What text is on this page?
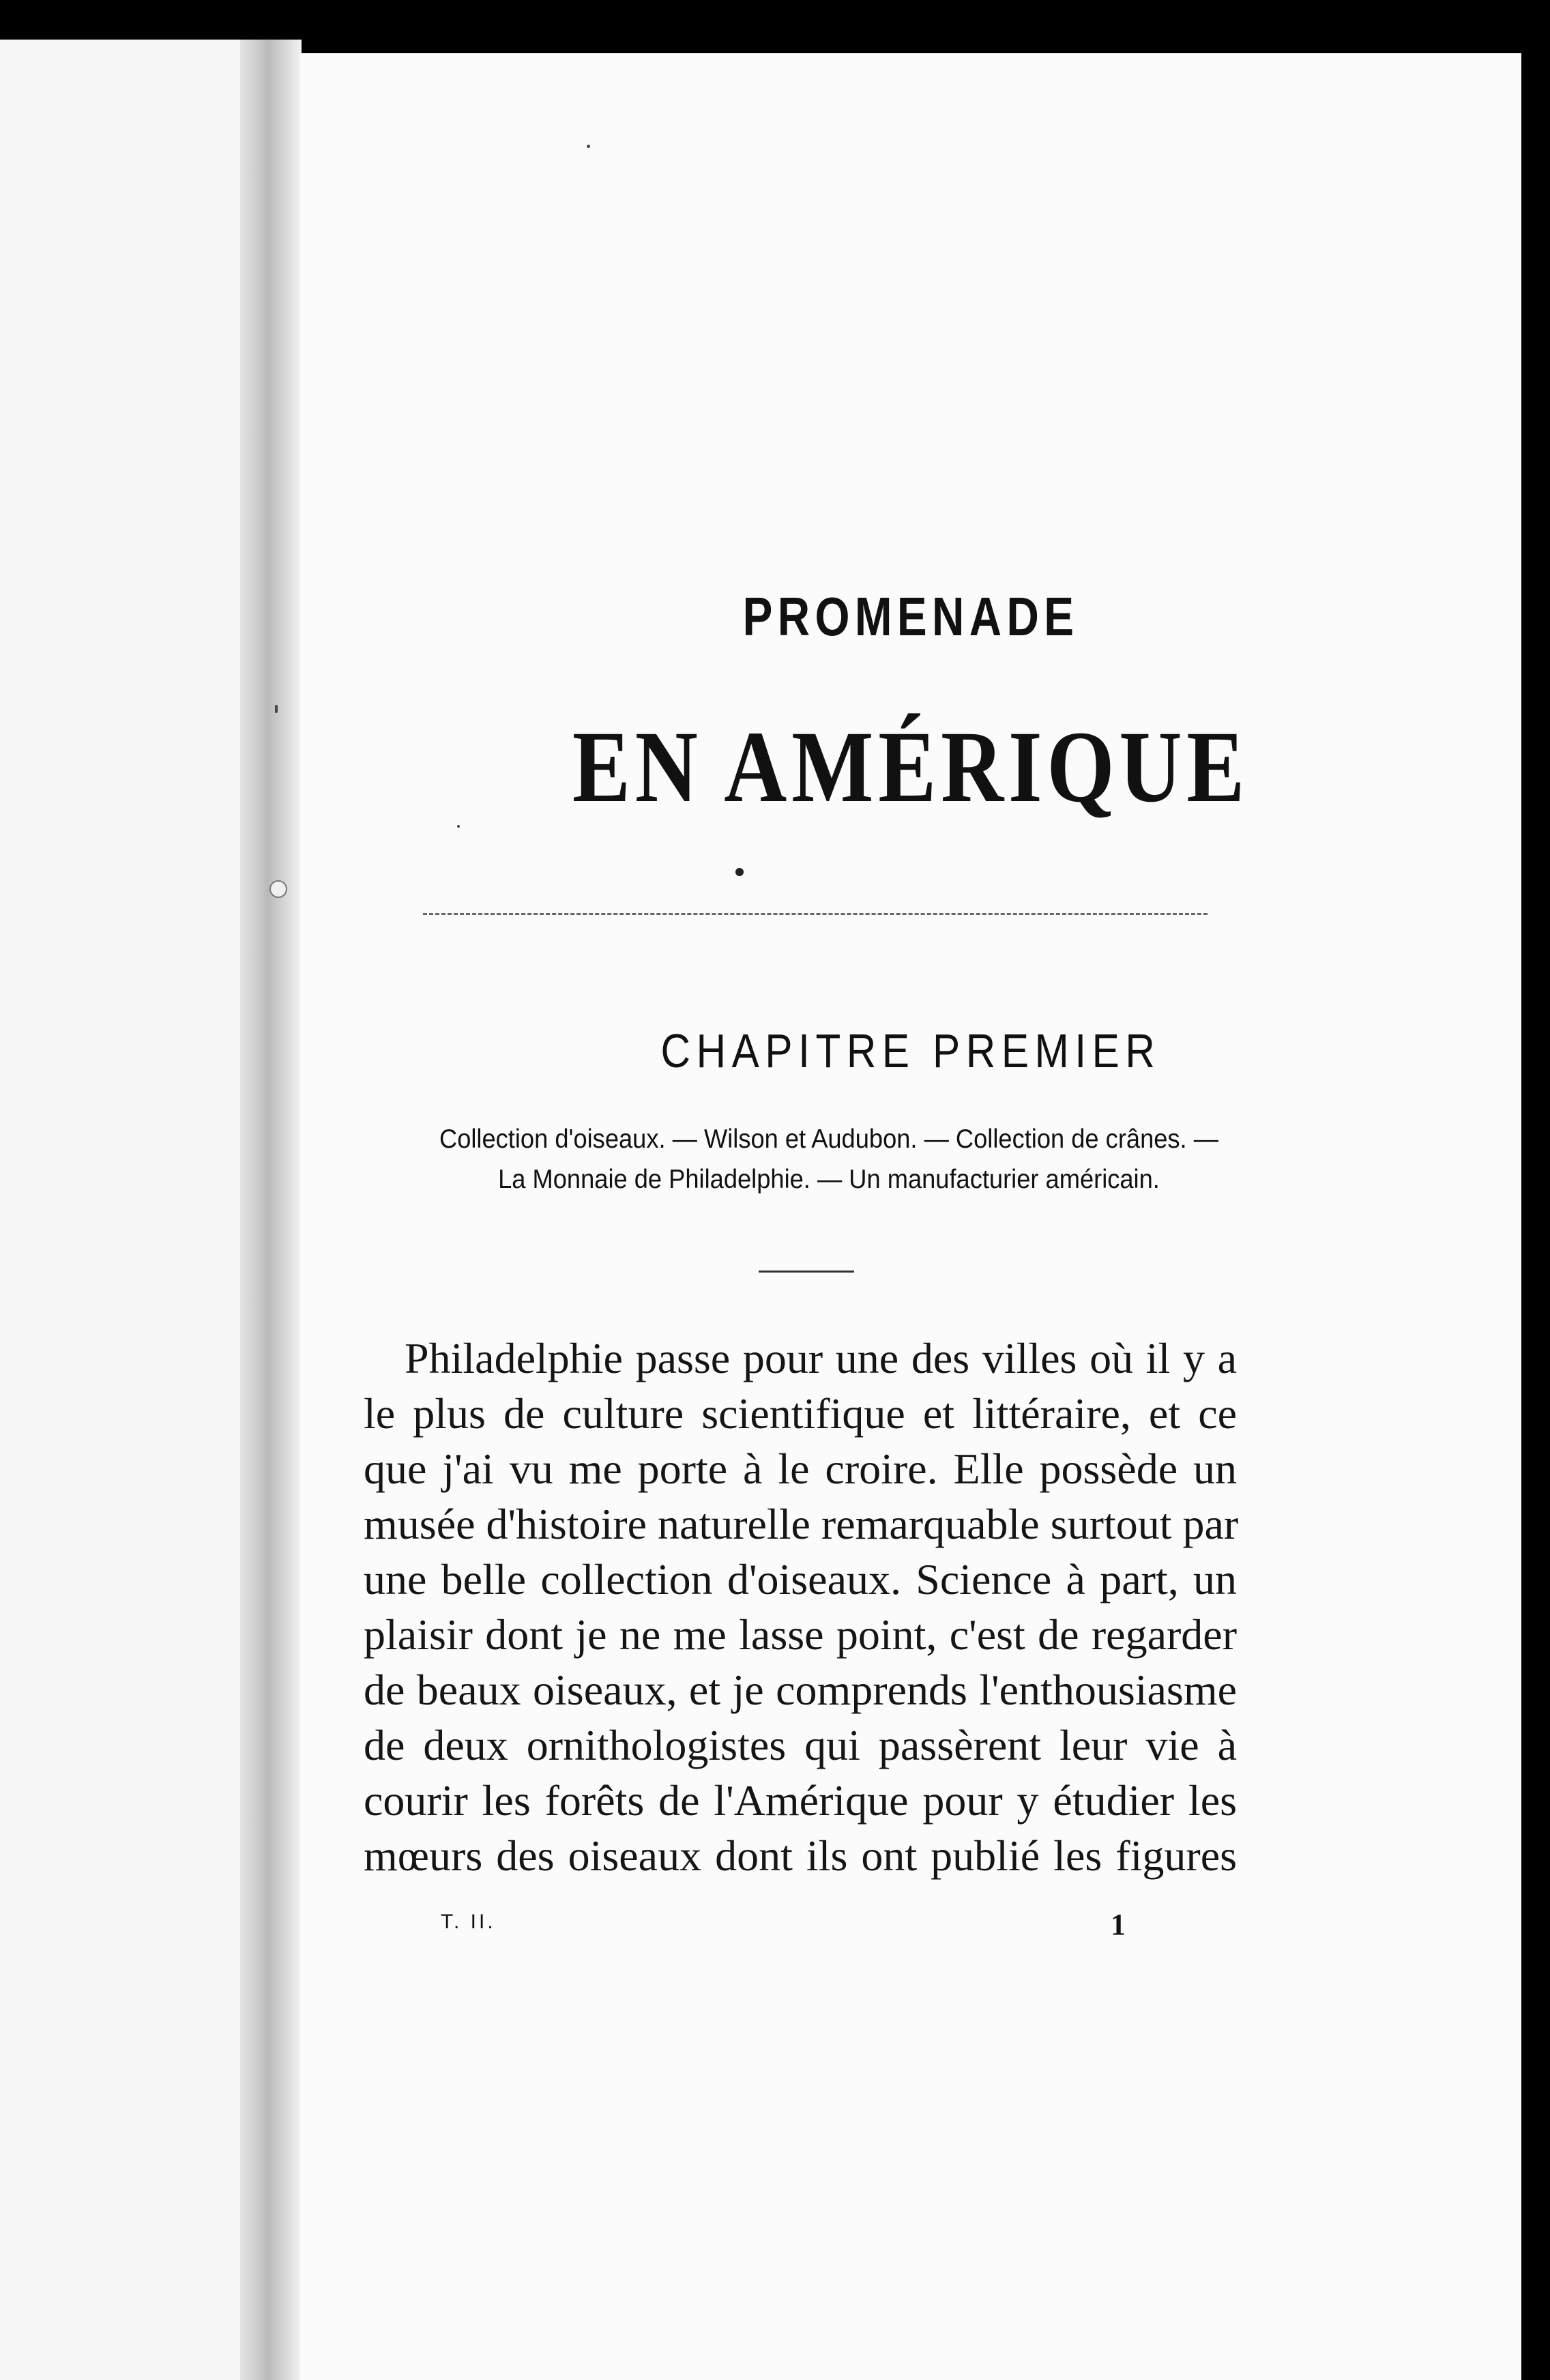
PROMENADE
EN AMÉRIQUE
CHAPITRE PREMIER
Collection d'oiseaux. — Wilson et Audubon. — Collection de crânes. —
La Monnaie de Philadelphie. — Un manufacturier américain.
Philadelphie passe pour une des villes où il y a
le plus de culture scientifique et littéraire, et ce
que j'ai vu me porte à le croire. Elle possède un
musée d'histoire naturelle remarquable surtout par
une belle collection d'oiseaux. Science à part, un
plaisir dont je ne me lasse point, c'est de regarder
de beaux oiseaux, et je comprends l'enthousiasme
de deux ornithologistes qui passèrent leur vie à
courir les forêts de l'Amérique pour y étudier les
mœurs des oiseaux dont ils ont publié les figures
T. II.	1
